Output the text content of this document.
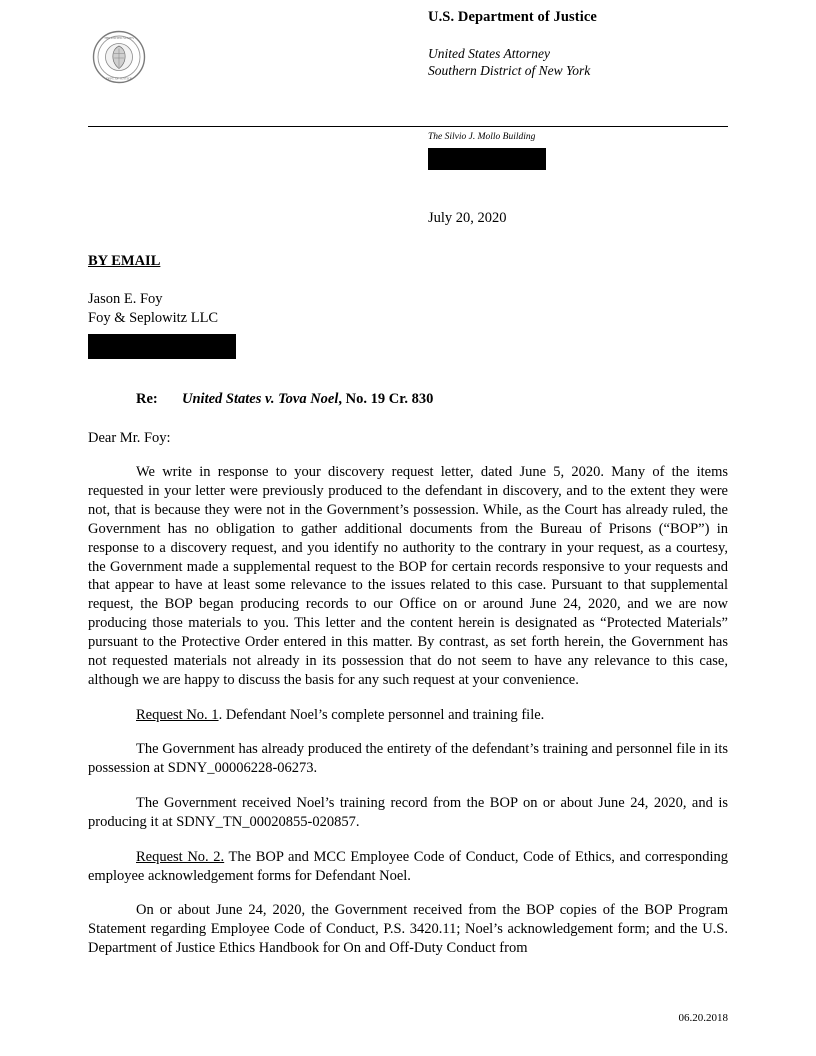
THE UNITED STATES
DEPT. OF JUSTICE
U.S. Department of Justice
United States Attorney
Southern District of New York
The Silvio J. Mollo Building
July 20, 2020
BY EMAIL
Jason E. Foy
Foy & Seplowitz LLC
Re: United States v. Tova Noel, No. 19 Cr. 830
Dear Mr. Foy:
We write in response to your discovery request letter, dated June 5, 2020. Many of the items requested in your letter were previously produced to the defendant in discovery, and to the extent they were not, that is because they were not in the Government’s possession. While, as the Court has already ruled, the Government has no obligation to gather additional documents from the Bureau of Prisons (“BOP”) in response to a discovery request, and you identify no authority to the contrary in your request, as a courtesy, the Government made a supplemental request to the BOP for certain records responsive to your requests and that appear to have at least some relevance to the issues related to this case. Pursuant to that supplemental request, the BOP began producing records to our Office on or around June 24, 2020, and we are now producing those materials to you. This letter and the content herein is designated as “Protected Materials” pursuant to the Protective Order entered in this matter. By contrast, as set forth herein, the Government has not requested materials not already in its possession that do not seem to have any relevance to this case, although we are happy to discuss the basis for any such request at your convenience.
Request No. 1. Defendant Noel’s complete personnel and training file.
The Government has already produced the entirety of the defendant’s training and personnel file in its possession at SDNY_00006228-06273.
The Government received Noel’s training record from the BOP on or about June 24, 2020, and is producing it at SDNY_TN_00020855-020857.
Request No. 2. The BOP and MCC Employee Code of Conduct, Code of Ethics, and corresponding employee acknowledgement forms for Defendant Noel.
On or about June 24, 2020, the Government received from the BOP copies of the BOP Program Statement regarding Employee Code of Conduct, P.S. 3420.11; Noel’s acknowledgement form; and the U.S. Department of Justice Ethics Handbook for On and Off-Duty Conduct from
06.20.2018
